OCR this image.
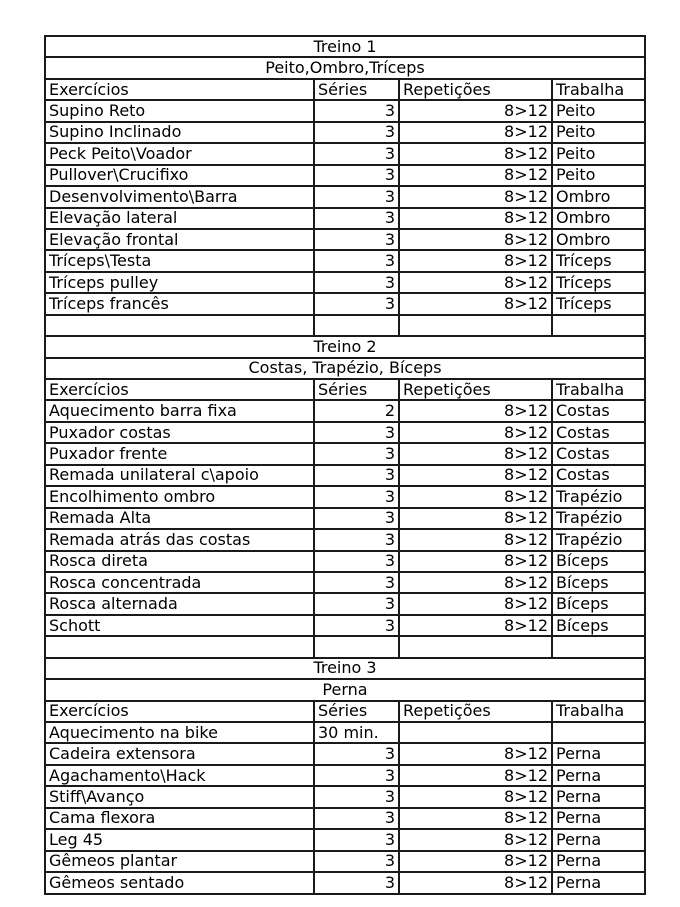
Treino 1			
Peito,Ombro,Tríceps			
Exercícios	Séries	Repetições	Trabalha
Supino Reto	3	8>12	Peito
Supino Inclinado	3	8>12	Peito
Peck Peito\Voador	3	8>12	Peito
Pullover\Crucifixo	3	8>12	Peito
Desenvolvimento\Barra	3	8>12	Ombro
Elevação lateral	3	8>12	Ombro
Elevação frontal	3	8>12	Ombro
Tríceps\Testa	3	8>12	Tríceps
Tríceps pulley	3	8>12	Tríceps
Tríceps francês	3	8>12	Tríceps

Treino 2			
Costas, Trapézio, Bíceps			
Exercícios	Séries	Repetições	Trabalha
Aquecimento barra fixa	2	8>12	Costas
Puxador costas	3	8>12	Costas
Puxador frente	3	8>12	Costas
Remada unilateral c\apoio	3	8>12	Costas
Encolhimento ombro	3	8>12	Trapézio
Remada Alta	3	8>12	Trapézio
Remada atrás das costas	3	8>12	Trapézio
Rosca direta	3	8>12	Bíceps
Rosca concentrada	3	8>12	Bíceps
Rosca alternada	3	8>12	Bíceps
Schott	3	8>12	Bíceps

Treino 3			
Perna			
Exercícios	Séries	Repetições	Trabalha
Aquecimento na bike	30 min.		
Cadeira extensora	3	8>12	Perna
Agachamento\Hack	3	8>12	Perna
Stiff\Avanço	3	8>12	Perna
Cama flexora	3	8>12	Perna
Leg 45	3	8>12	Perna
Gêmeos plantar	3	8>12	Perna
Gêmeos sentado	3	8>12	Perna
